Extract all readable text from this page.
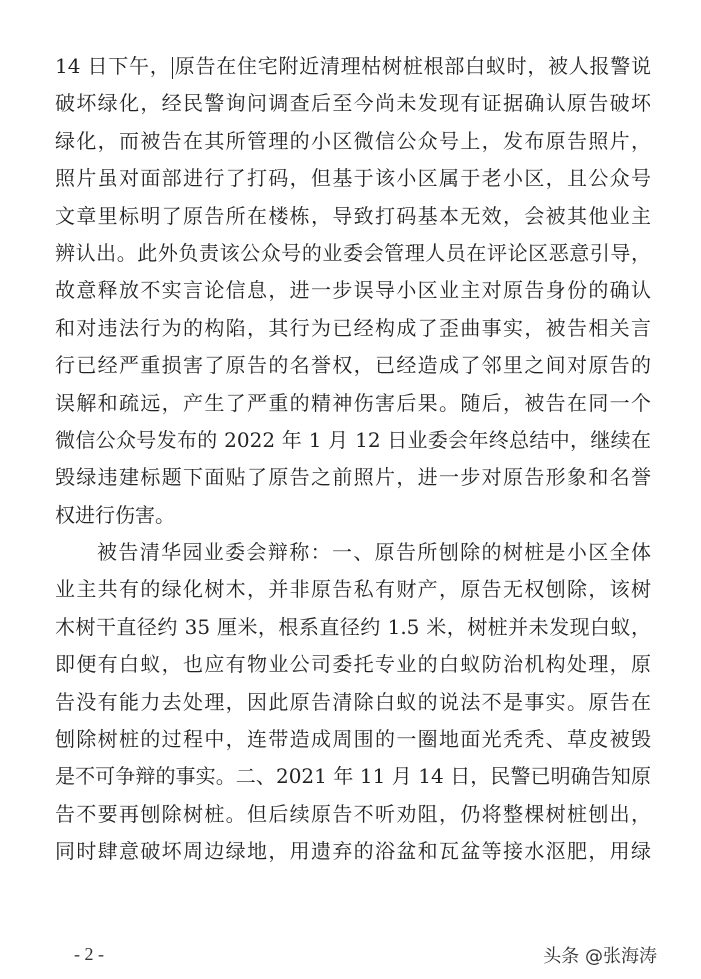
14 日下午， 原告在住宅附近清理枯树桩根部白蚁时，被人报警说
破坏绿化，经民警询问调查后至今尚未发现有证据确认原告破坏
绿化，而被告在其所管理的小区微信公众号上，发布原告照片，
照片虽对面部进行了打码，但基于该小区属于老小区，且公众号
文章里标明了原告所在楼栋，导致打码基本无效，会被其他业主
辨认出。此外负责该公众号的业委会管理人员在评论区恶意引导，
故意释放不实言论信息，进一步误导小区业主对原告身份的确认
和对违法行为的构陷，其行为已经构成了歪曲事实，被告相关言
行已经严重损害了原告的名誉权，已经造成了邻里之间对原告的
误解和疏远，产生了严重的精神伤害后果。随后，被告在同一个
微信公众号发布的 2022 年 1 月 12 日业委会年终总结中，继续在
毁绿违建标题下面贴了原告之前照片，进一步对原告形象和名誉
权进行伤害。
被告清华园业委会辩称：一、原告所刨除的树桩是小区全体
业主共有的绿化树木，并非原告私有财产，原告无权刨除，该树
木树干直径约 35 厘米，根系直径约 1.5 米，树桩并未发现白蚁，
即便有白蚁，也应有物业公司委托专业的白蚁防治机构处理，原
告没有能力去处理，因此原告清除白蚁的说法不是事实。原告在
刨除树桩的过程中，连带造成周围的一圈地面光秃秃、草皮被毁
是不可争辩的事实。二、2021 年 11 月 14 日，民警已明确告知原
告不要再刨除树桩。但后续原告不听劝阻，仍将整棵树桩刨出，
同时肆意破坏周边绿地，用遗弃的浴盆和瓦盆等接水沤肥，用绿
- 2 -	头条 @张海涛
